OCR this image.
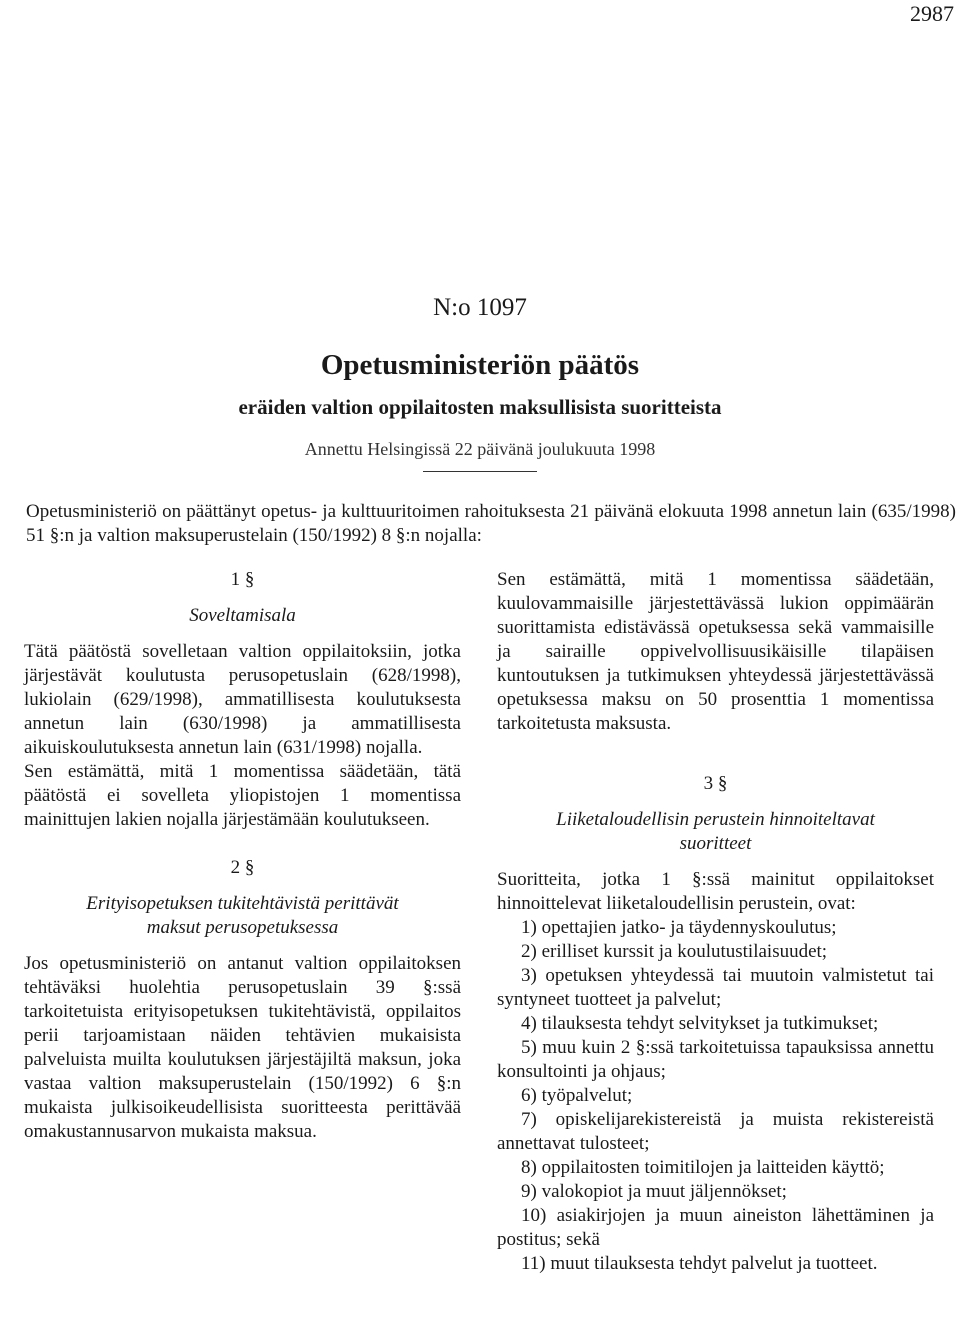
2987
N:o 1097
Opetusministeriön päätös
eräiden valtion oppilaitosten maksullisista suoritteista
Annettu Helsingissä 22 päivänä joulukuuta 1998

Opetusministeriö on päättänyt opetus- ja kulttuuritoimen rahoituksesta 21 päivänä elokuuta 1998 annetun lain (635/1998) 51 §:n ja valtion maksuperustelain (150/1992) 8 §:n nojalla:

1 §

Soveltamisala

Tätä päätöstä sovelletaan valtion oppilaitoksiin, jotka järjestävät koulutusta perusopetuslain (628/1998), lukiolain (629/1998), ammatillisesta koulutuksesta annetun lain (630/1998) ja ammatillisesta aikuiskoulutuksesta annetun lain (631/1998) nojalla.

Sen estämättä, mitä 1 momentissa säädetään, tätä päätöstä ei sovelleta yliopistojen 1 momentissa mainittujen lakien nojalla järjestämään koulutukseen.

2 §

Erityisopetuksen tukitehtävistä perittävät

maksut perusopetuksessa

Jos opetusministeriö on antanut valtion oppilaitoksen tehtäväksi huolehtia perusopetuslain 39 §:ssä tarkoitetuista erityisopetuksen tukitehtävistä, oppilaitos perii tarjoamistaan näiden tehtävien mukaisista palveluista muilta koulutuksen järjestäjiltä maksun, joka vastaa valtion maksuperustelain (150/1992) 6 §:n mukaista julkisoikeudellisista suoritteesta perittävää omakustannusarvon mukaista maksua.

Sen estämättä, mitä 1 momentissa säädetään, kuulovammaisille järjestettävässä lukion oppimäärän suorittamista edistävässä opetuksessa sekä vammaisille ja sairaille oppivelvollisuusikäisille tilapäisen kuntoutuksen ja tutkimuksen yhteydessä järjestettävässä opetuksessa maksu on 50 prosenttia 1 momentissa tarkoitetusta maksusta.

3 §

Liiketaloudellisin perustein hinnoiteltavat

suoritteet

Suoritteita, jotka 1 §:ssä mainitut oppilaitokset hinnoittelevat liiketaloudellisin perustein, ovat:

1) opettajien jatko- ja täydennyskoulutus;

2) erilliset kurssit ja koulutustilaisuudet;

3) opetuksen yhteydessä tai muutoin valmistetut tai syntyneet tuotteet ja palvelut;

4) tilauksesta tehdyt selvitykset ja tutkimukset;

5) muu kuin 2 §:ssä tarkoitetuissa tapauksissa annettu konsultointi ja ohjaus;

6) työpalvelut;

7) opiskelijarekistereistä ja muista rekistereistä annettavat tulosteet;

8) oppilaitosten toimitilojen ja laitteiden käyttö;

9) valokopiot ja muut jäljennökset;

10) asiakirjojen ja muun aineiston lähettäminen ja postitus; sekä

11) muut tilauksesta tehdyt palvelut ja tuotteet.
